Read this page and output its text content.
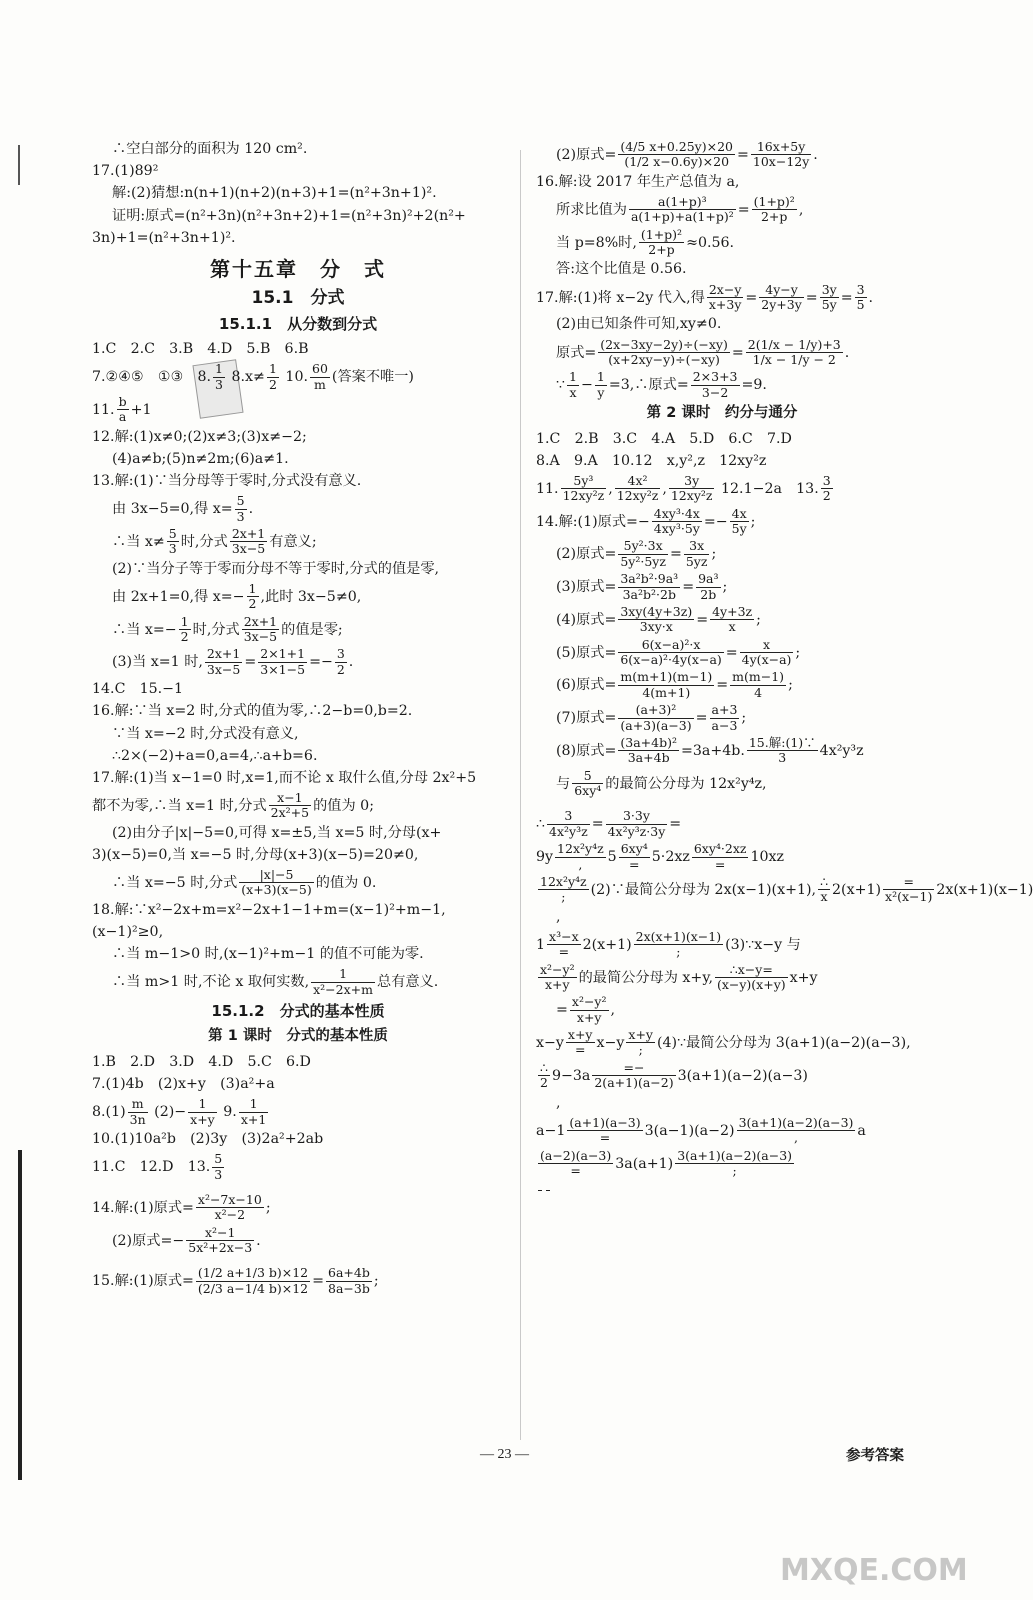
∴空白部分的面积为 120 cm².

17.(1)89²

解:(2)猜想:n(n+1)(n+2)(n+3)+1=(n²+3n+1)².

证明:原式=(n²+3n)(n²+3n+2)+1=(n²+3n)²+2(n²+

3n)+1=(n²+3n+1)².

第十五章　分　式
15.1　分式
15.1.1　从分数到分式

1.C　2.C　3.B　4.D　5.B　6.B

7.②④⑤　①③　8. $\frac{1}{3} 8.x\ne \frac{1}{2} 10$. $\frac{60}{m}$ (答案不唯一)

11. $\frac{b}{a} +1$

12.解:(1)x≠0;(2)x≠3;(3)x≠−2;

(4)a≠b;(5)n≠2m;(6)a≠1.

13.解:(1)∵当分母等于零时,分式没有意义.

由 3x−5=0,得 $x= \frac{5}{3}$ .

∴当 $x\ne \frac{5}{3}$ 时,分式 $\frac{2x+1}{3x-5}$ 有意义;

(2)∵当分子等于零而分母不等于零时,分式的值是零,

由 2x+1=0,得 $x=- \frac{1}{2}$ ,此时 3x−5≠0,

∴当 $x=- \frac{1}{2}$ 时,分式 $\frac{2x+1}{3x-5}$ 的值是零;

(3)当 x=1 时, $\frac{2x+1}{3x-5} = \frac{2\times 1+1}{3\times 1-5} =- \frac{3}{2}$ .

14.C　15.−1

16.解:∵当 x=2 时,分式的值为零,∴2−b=0,b=2.

∵当 x=−2 时,分式没有意义,

∴2×(−2)+a=0,a=4,∴a+b=6.

17.解:(1)当 x−1=0 时,x=1,而不论 x 取什么值,分母 2x²+5

都不为零,∴当 x=1 时,分式 $\frac{x-1}{\text{2x²+5}}$ 的值为 0;

(2)由分子|x|−5=0,可得 x=±5,当 x=5 时,分母(x+

3)(x−5)=0,当 x=−5 时,分母(x+3)(x−5)=20≠0,

∴当 x=−5 时,分式 $\frac{|x|-5}{(x+3)(x-5)}$ 的值为 0.

18.解:∵x²−2x+m=x²−2x+1−1+m=(x−1)²+m−1,

(x−1)²≥0,

∴当 m−1>0 时,(x−1)²+m−1 的值不可能为零.

∴当 m>1 时,不论 x 取何实数, $\frac{1}{\text{x²−2x+m}}$ 总有意义.

15.1.2　分式的基本性质
第 1 课时　分式的基本性质

1.B　2.D　3.D　4.D　5.C　6.D

7.(1)4b　(2)x+y　(3)a²+a

$8.(1) \frac{m}{3n} (2)- \frac{1}{x+y} 9$. $\frac{1}{x+1}$

10.(1)10a²b　(2)3y　(3)2a²+2ab

11.C　12.D　13. $\frac{5}{3}$

14.解:(1)原式= $\frac{\text{x²−7x−10}}{\text{x²−2}}$ ;

(2)原式=− $\frac{\text{x²−1}}{\text{5x²+2x−3}}$ .

15.解:(1)原式= $\frac{(1/2 a+1/3 b)\times 12}{(2/3 a-1/4 b)\times 12} = \frac{6a+4b}{8a-3b}$ ;

(2)原式= $\frac{(4/5 x+0.25y)\times 20}{(1/2 x-0.6y)\times 20} = \frac{16x+5y}{10x-12y}$ .

16.解:设 2017 年生产总值为 a,

所求比值为 $\frac{\text{a(1+p)³}}{\text{a(1+p)+a(1+p)²}} = \frac{\text{(1+p)²}}{2+p}$ ,

当 p=8%时, $\frac{\text{(1+p)²}}{2+p} \approx 0.56$.

答:这个比值是 0.56.

17.解:(1)将 x−2y 代入,得 $\frac{2x-y}{x+3y} = \frac{4y-y}{2y+3y} = \frac{3y}{5y} = \frac{3}{5}$ .

(2)由已知条件可知,xy≠0.

原式= $\frac{(2x-3xy-2y)\div(-xy)}{(x+2xy-y)\div(-xy)} = \frac{2(1/x - 1/y)+3}{1/x - 1/y - 2}$ .

∵ $\frac{1}{x} - \frac{1}{y}$ =3,∴原式= $\frac{2\times 3+3}{3-2} =9$.

第 2 课时　约分与通分

1.C　2.B　3.C　4.A　5.D　6.C　7.D

8.A　9.A　10.12　x,y²,z　12xy²z

11. $\frac{\text{5y³}}{\text{12xy²z}}$ , $\frac{\text{4x²}}{\text{12xy²z}}$ , $\frac{3y}{\text{12xy²z}} 12.1-2a$　13. $\frac{3}{2}$

14.解:(1)原式=− $\frac{\text{4xy³·4x}}{\text{4xy³·5y}} =- \frac{4x}{5y}$ ;

(2)原式= $\frac{\text{5y²·3x}}{\text{5y²·5yz}} = \frac{3x}{5yz}$ ;

(3)原式= $\frac{\text{3a²b²·9a³}}{\text{3a²b²·2b}} = \frac{\text{9a³}}{2b}$ ;

(4)原式= $\frac{3xy(4y+3z)}{3xy\cdot x} = \frac{4y+3z}{x}$ ;

(5)原式= $\frac{\text{6(x−a)²·x}}{\text{6(x−a)²·4y(x−a)}} = \frac{x}{4y(x-a)}$ ;

(6)原式= $\frac{m(m+1)(m-1)}{4(m+1)} = \frac{m(m-1)}{4}$ ;

(7)原式= $\frac{\text{(a+3)²}}{(a+3)(a-3)} = \frac{a+3}{a-3}$ ;

(8)原式= $\frac{\text{(3a+4b)²}}{3a+4b} =3a+4b$. $\frac{\text{15.解:(1)∵}}{3} 4x^2y^3z$

与 $\frac{5}{\text{6xy⁴}}$ 的最简公分母为 12x²y⁴z,

∴ $\frac{3}{\text{4x²y³z}} = \frac{3\cdot 3y}{\text{4x²y³z·3y}}$ =

$9y \frac{\text{12x²y⁴z}}{,} 5 \frac{\text{6xy⁴}}{=} 5\cdot 2xz \frac{\text{6xy⁴·2xz}}{=} 10xz$

$\frac{\text{12x²y⁴z}}{;}$ (2)∵最简公分母为 2x(x−1)(x+1), $\frac{\therefore}{x} 2(x+1) \frac{=}{\text{x²(x−1)}} 2x(x+1)(x-1)$

,

$1 \frac{\text{x³−x}}{=} 2(x+1) \frac{2x(x+1)(x-1)}{;}$ (3)∵x−y 与

$\frac{\text{x²−y²}}{x+y}$ 的最简公分母为 x+y, $\frac{\therefore x-y=}{(x-y)(x+y)} x+y$

= $\frac{\text{x²−y²}}{x+y}$ ,

$x-y \frac{x+y}{=} x-y \frac{x+y}{;}$ (4)∵最简公分母为 3(a+1)(a−2)(a−3),

$\frac{\therefore}{2} 9-3a \frac{=-}{2(a+1)(a-2)} 3(a+1)(a-2)(a-3)$

,

$a-1 \frac{(a+1)(a-3)}{=} 3(a-1)(a-2) \frac{3(a+1)(a-2)(a-3)}{,}$ a

$\frac{(a-2)(a-3)}{=} 3a(a+1) \frac{3(a+1)(a-2)(a-3)}{;}$

— 23 —	参考答案
MXQE.COM
